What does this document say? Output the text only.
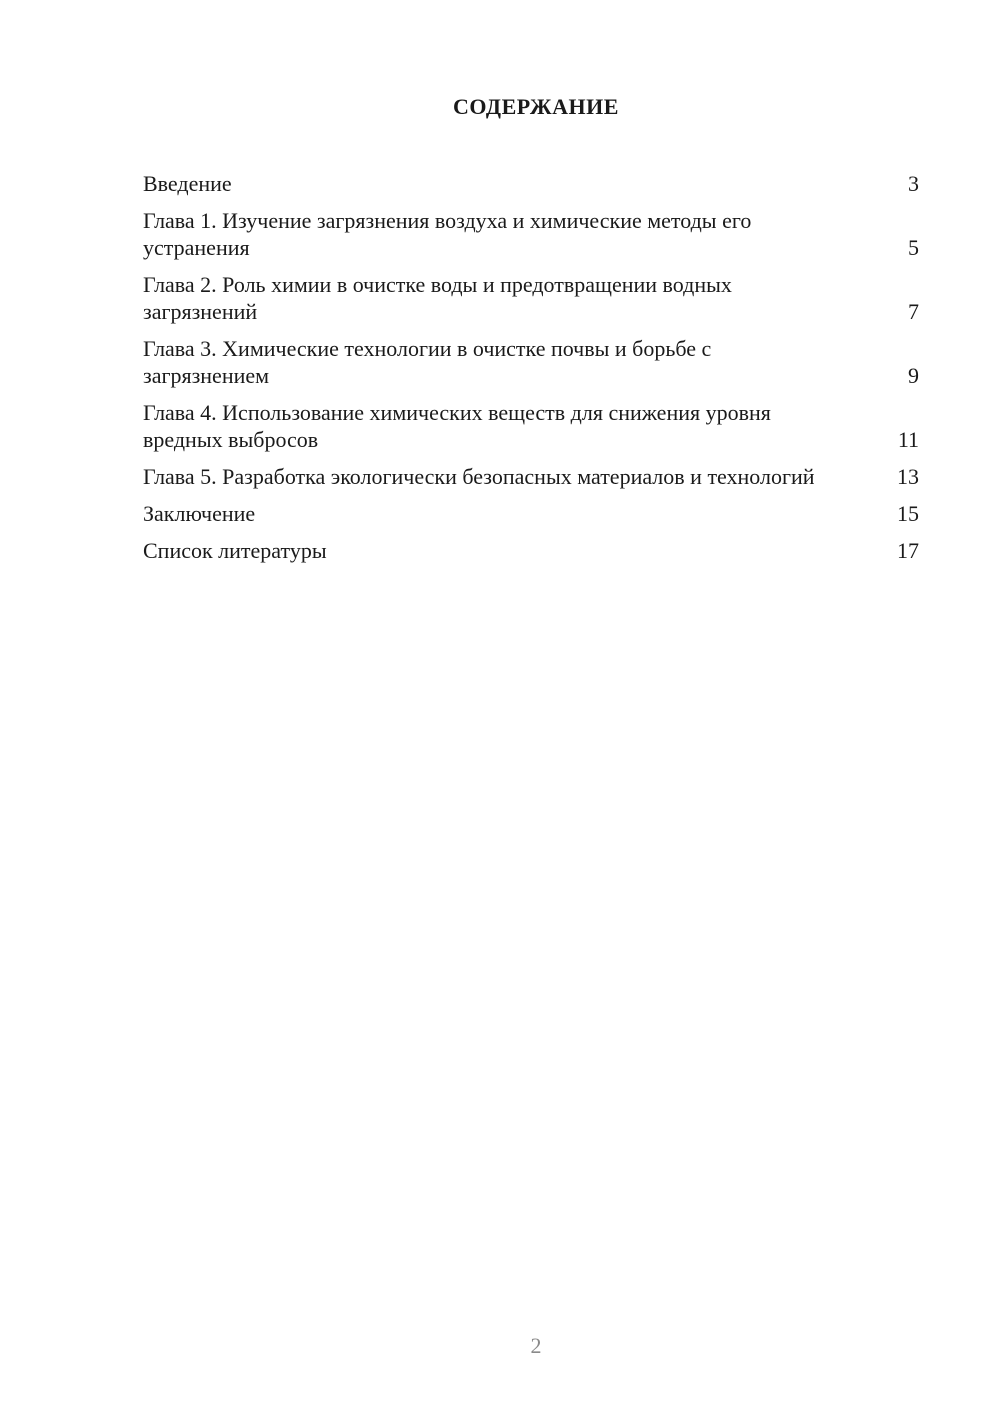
СОДЕРЖАНИЕ
Введение	3
Глава 1. Изучение загрязнения воздуха и химические методы его устранения	5
Глава 2. Роль химии в очистке воды и предотвращении водных загрязнений	7
Глава 3. Химические технологии в очистке почвы и борьбе с загрязнением	9
Глава 4. Использование химических веществ для снижения уровня вредных выбросов	11
Глава 5. Разработка экологически безопасных материалов и технологий	13
Заключение	15
Список литературы	17
2
